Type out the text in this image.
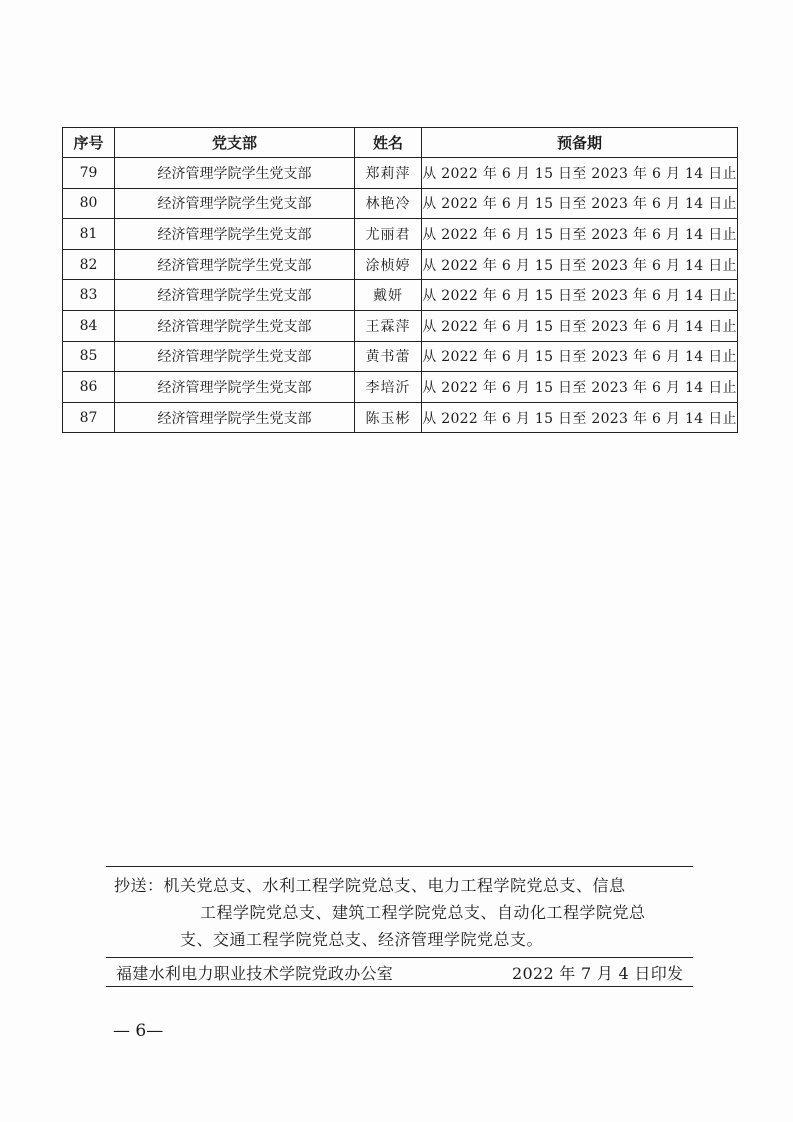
序号	党支部	姓名	预备期
79	经济管理学院学生党支部	郑莉萍	从 2022 年 6 月 15 日至 2023 年 6 月 14 日止
80	经济管理学院学生党支部	林艳冷	从 2022 年 6 月 15 日至 2023 年 6 月 14 日止
81	经济管理学院学生党支部	尤丽君	从 2022 年 6 月 15 日至 2023 年 6 月 14 日止
82	经济管理学院学生党支部	涂桢婷	从 2022 年 6 月 15 日至 2023 年 6 月 14 日止
83	经济管理学院学生党支部	戴妍	从 2022 年 6 月 15 日至 2023 年 6 月 14 日止
84	经济管理学院学生党支部	王霖萍	从 2022 年 6 月 15 日至 2023 年 6 月 14 日止
85	经济管理学院学生党支部	黄书蕾	从 2022 年 6 月 15 日至 2023 年 6 月 14 日止
86	经济管理学院学生党支部	李培沂	从 2022 年 6 月 15 日至 2023 年 6 月 14 日止
87	经济管理学院学生党支部	陈玉彬	从 2022 年 6 月 15 日至 2023 年 6 月 14 日止
抄送：机关党总支、水利工程学院党总支、电力工程学院党总支、信息
工程学院党总支、建筑工程学院党总支、自动化工程学院党总
支、交通工程学院党总支、经济管理学院党总支。
福建水利电力职业技术学院党政办公室	2022 年 7 月 4 日印发
— 6—
